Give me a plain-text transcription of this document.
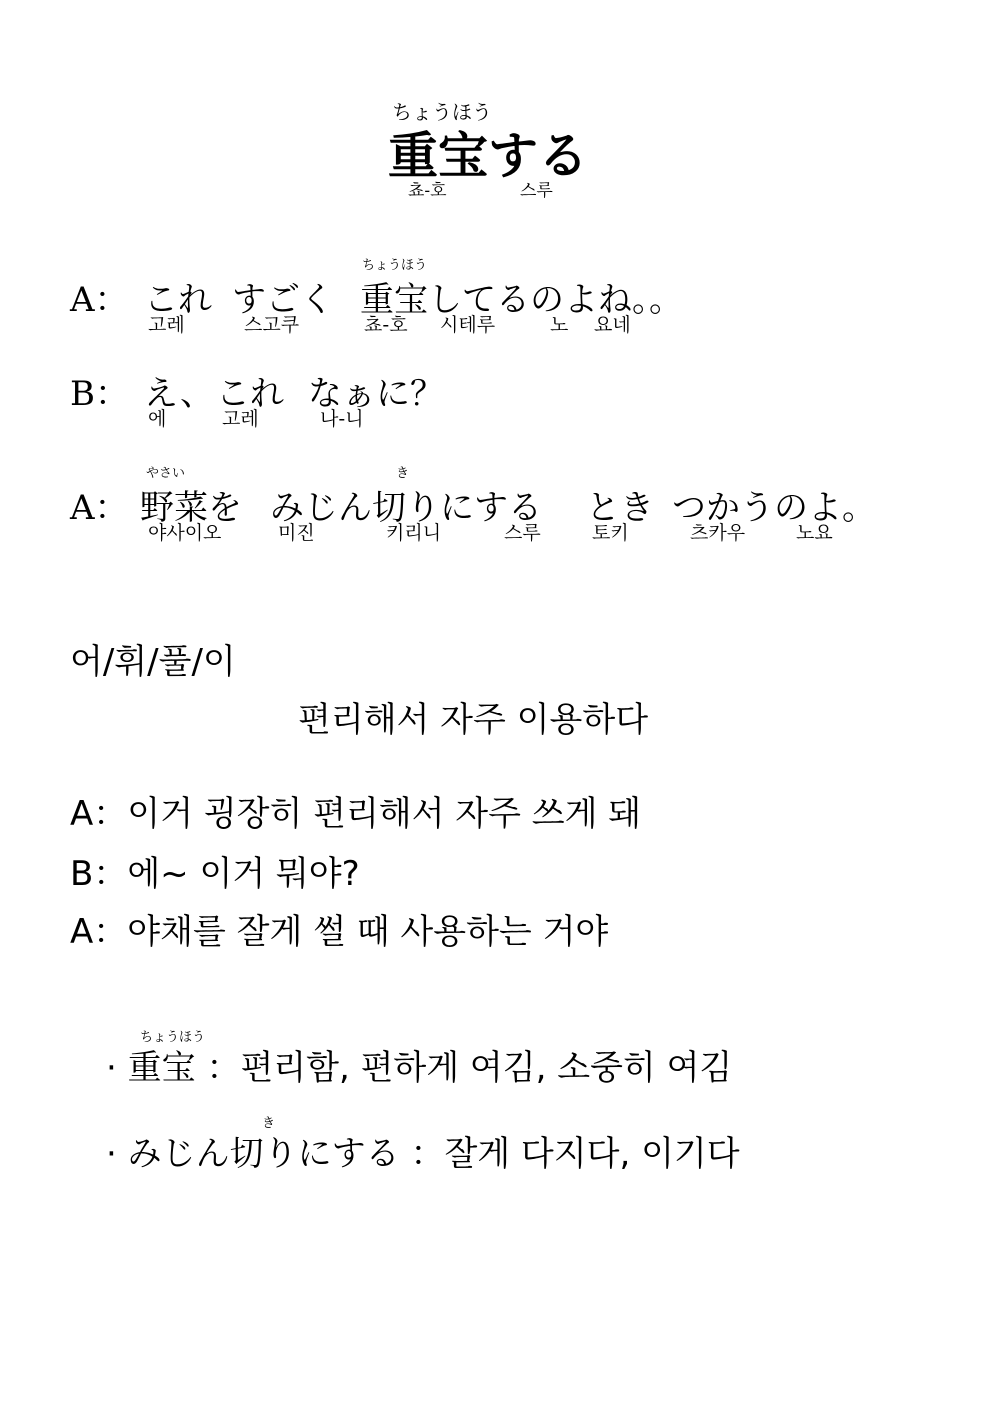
ちょうほう
重宝する
쵸-호	스루
ちょうほう
A： これ すごく 重宝してるのよね。。
고레	스고쿠	쵸-호 시테루	노 요네
B： え、 これ なぁに？
에	고레	나-니
やさい	き
A： 野菜を みじん切りにする とき つかうのよ。
야사이오	미진	키리니	스루	토키	츠카우	노요
어/휘/풀/이
편리해서 자주 이용하다
A：이거 굉장히 편리해서 자주 쓰게 돼
B：에~ 이거 뭐야?
A：야채를 잘게 썰 때 사용하는 거야
ちょうほう
· 重宝 ：편리함, 편하게 여김, 소중히 여김
き
· みじん切りにする ：잘게 다지다, 이기다
